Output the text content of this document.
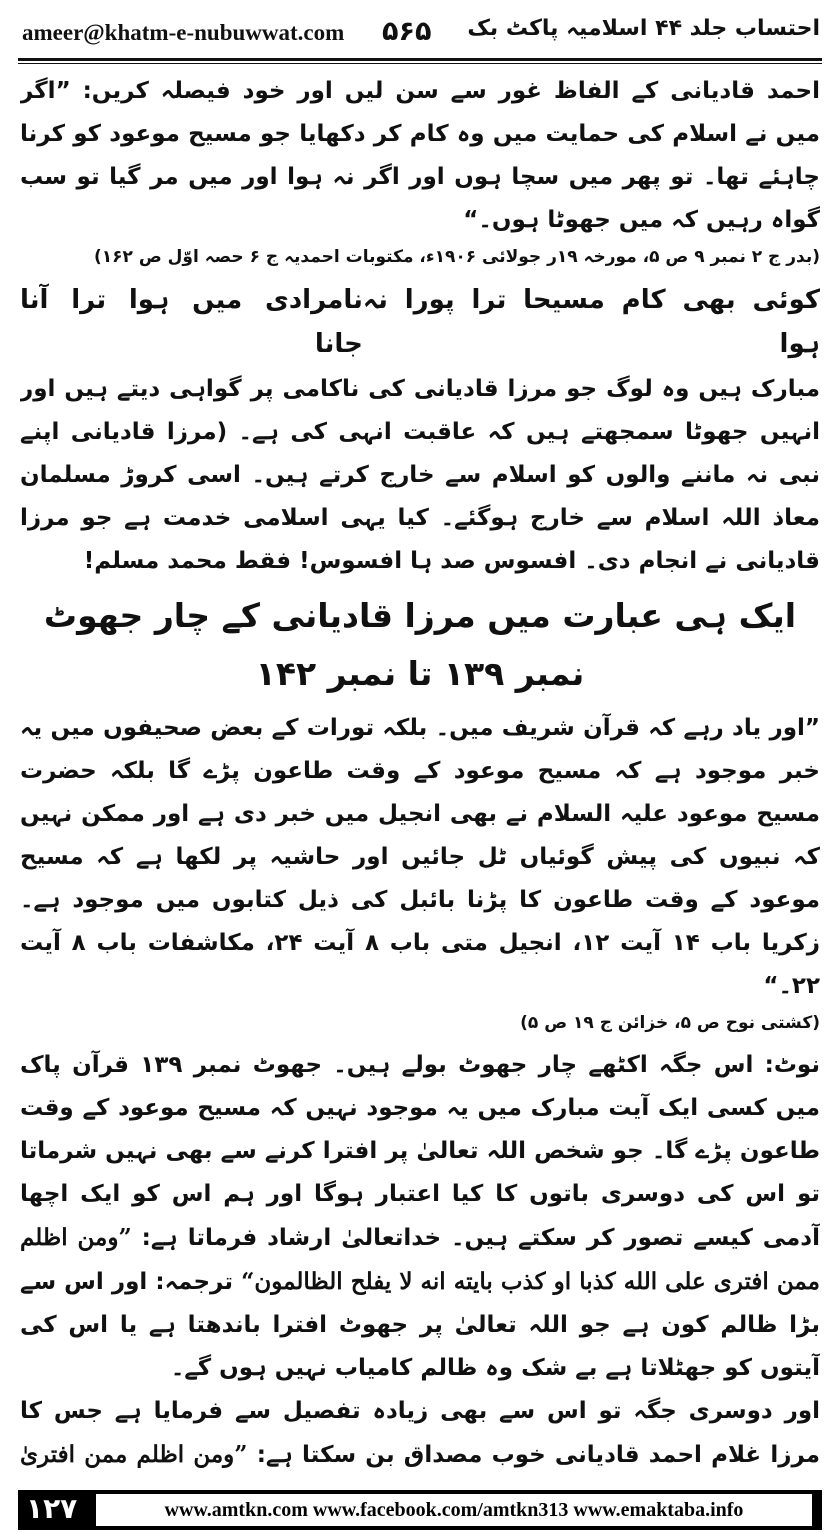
ameer@khatm-e-nubuwwat.com ۵۶۵ احتساب جلد ۴۴ اسلامیہ پاکٹ بک

احمد قادیانی کے الفاظ غور سے سن لیں اور خود فیصلہ کریں: ”اگر میں نے اسلام کی حمایت میں وہ کام کر دکھایا جو مسیح موعود کو کرنا چاہئے تھا۔ تو پھر میں سچا ہوں اور اگر نہ ہوا اور میں مر گیا تو سب گواہ رہیں کہ میں جھوٹا ہوں۔“

(بدر ج ۲ نمبر ۹ ص ۵، مورخہ ۱۹ر جولائی ۱۹۰۶ء، مکتوبات احمدیہ ج ۶ حصہ اوّل ص ۱۶۲)
کوئی بھی کام مسیحا ترا پورا نہ ہوا
نامرادی میں ہوا ترا آنا جانا

مبارک ہیں وہ لوگ جو مرزا قادیانی کی ناکامی پر گواہی دیتے ہیں اور انہیں جھوٹا سمجھتے ہیں کہ عاقبت انہی کی ہے۔ (مرزا قادیانی اپنے نبی نہ ماننے والوں کو اسلام سے خارج کرتے ہیں۔ اسی کروڑ مسلمان معاذ اللہ اسلام سے خارج ہوگئے۔ کیا یہی اسلامی خدمت ہے جو مرزا قادیانی نے انجام دی۔ افسوس صد ہا افسوس! فقط محمد مسلم!

ایک ہی عبارت میں مرزا قادیانی کے چار جھوٹ نمبر ۱۳۹ تا نمبر ۱۴۲

”اور یاد رہے کہ قرآن شریف میں۔ بلکہ تورات کے بعض صحیفوں میں یہ خبر موجود ہے کہ مسیح موعود کے وقت طاعون پڑے گا بلکہ حضرت مسیح موعود علیہ السلام نے بھی انجیل میں خبر دی ہے اور ممکن نہیں کہ نبیوں کی پیش گوئیاں ٹل جائیں اور حاشیہ پر لکھا ہے کہ مسیح موعود کے وقت طاعون کا پڑنا بائبل کی ذیل کتابوں میں موجود ہے۔ زکریا باب ۱۴ آیت ۱۲، انجیل متی باب ۸ آیت ۲۴، مکاشفات باب ۸ آیت ۲۲۔“

(کشتی نوح ص ۵، خزائن ج ۱۹ ص ۵)

نوٹ: اس جگہ اکٹھے چار جھوٹ بولے ہیں۔ جھوٹ نمبر ۱۳۹ قرآن پاک میں کسی ایک آیت مبارک میں یہ موجود نہیں کہ مسیح موعود کے وقت طاعون پڑے گا۔ جو شخص اللہ تعالیٰ پر افترا کرنے سے بھی نہیں شرماتا تو اس کی دوسری باتوں کا کیا اعتبار ہوگا اور ہم اس کو ایک اچھا آدمی کیسے تصور کر سکتے ہیں۔ خداتعالیٰ ارشاد فرماتا ہے: ”ومن اظلم ممن افتری علی الله کذبا او کذب بایته انه لا یفلح الظالمون“ ترجمہ: اور اس سے بڑا ظالم کون ہے جو اللہ تعالیٰ پر جھوٹ افترا باندھتا ہے یا اس کی آیتوں کو جھٹلاتا ہے بے شک وہ ظالم کامیاب نہیں ہوں گے۔

اور دوسری جگہ تو اس سے بھی زیادہ تفصیل سے فرمایا ہے جس کا مرزا غلام احمد قادیانی خوب مصداق بن سکتا ہے: ”ومن اظلم ممن افتریٰ

۱۲۷	www.amtkn.com www.facebook.com/amtkn313 www.emaktaba.info
